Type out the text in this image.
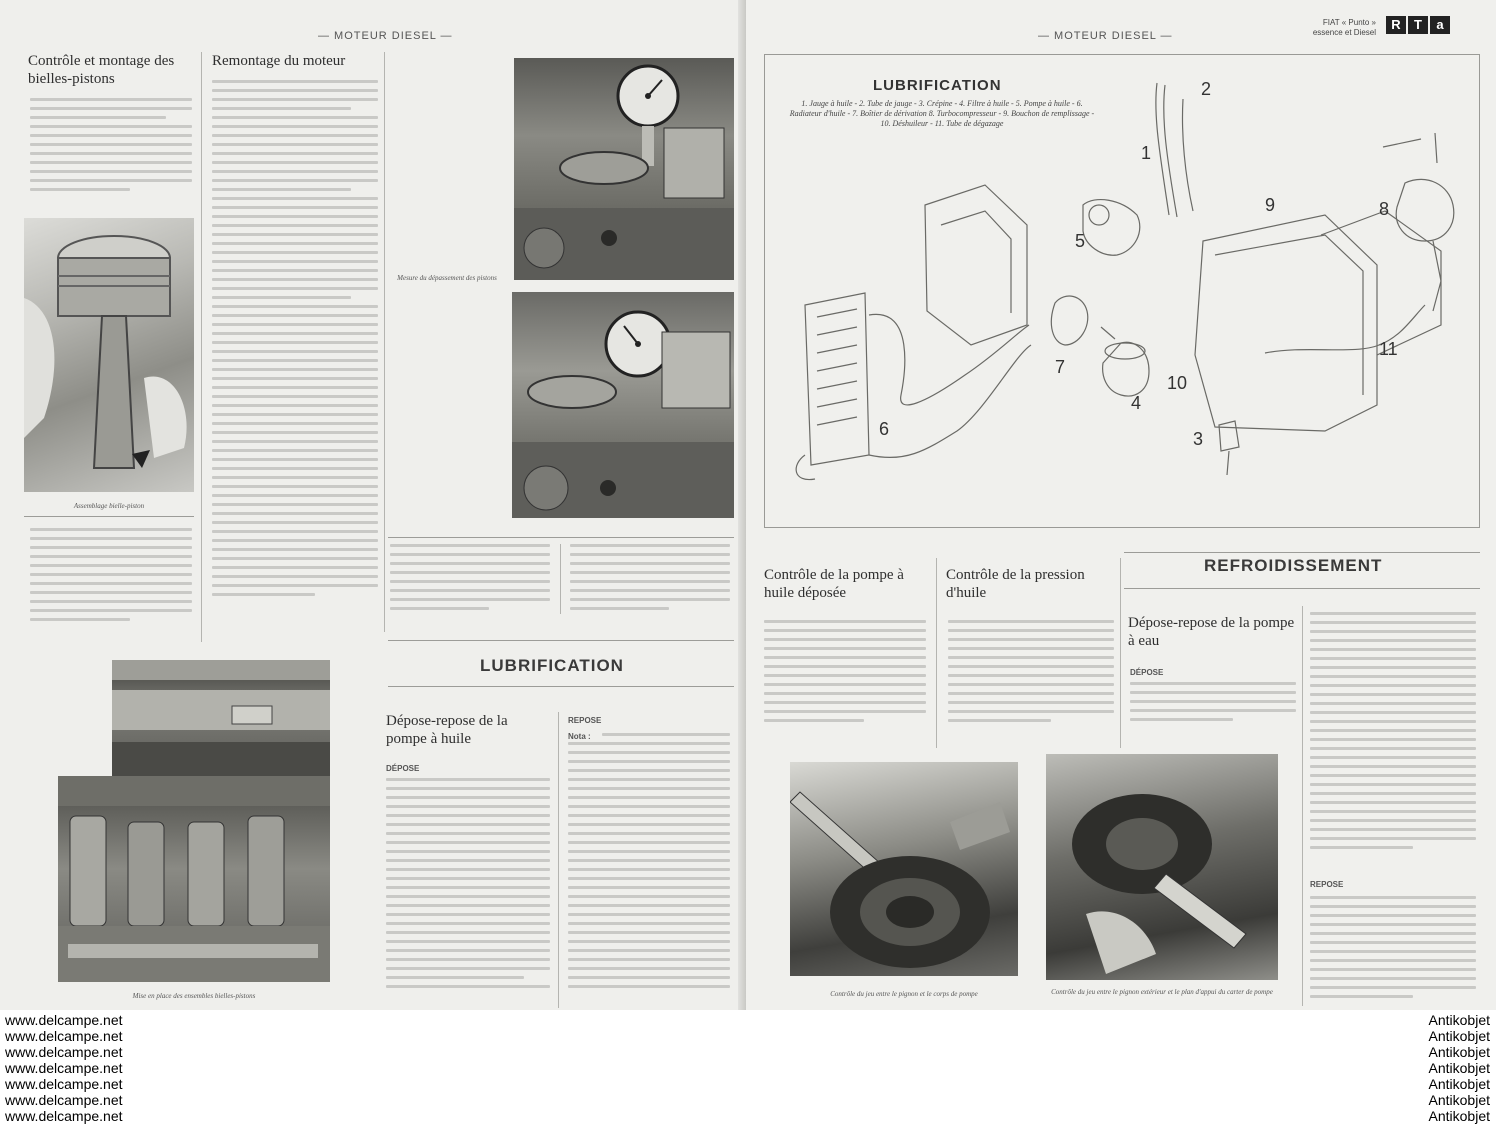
— MOTEUR DIESEL —
Contrôle et montage des bielles-pistons
Assemblage bielle-piston
Remontage du moteur
Mesure du dépassement des pistons
Mise en place des ensembles bielles-pistons
LUBRIFICATION
Dépose-repose de la pompe à huile
DÉPOSE
REPOSE
Nota :
— MOTEUR DIESEL —
FIAT « Punto »
essence et Diesel
R	T	a
LUBRIFICATION
1. Jauge à huile - 2. Tube de jauge - 3. Crépine - 4. Filtre à huile - 5. Pompe à huile - 6. Radiateur d'huile - 7. Boîtier de dérivation 8. Turbocompresseur - 9. Bouchon de remplissage - 10. Déshuileur - 11. Tube de dégazage
1
2
3
4
5
6
7
8
9
10
11
Contrôle de la pompe à huile déposée
Contrôle de la pression d'huile
REFROIDISSEMENT
Dépose-repose de la pompe à eau
DÉPOSE
REPOSE
Contrôle du jeu entre le pignon et le corps de pompe	Contrôle du jeu entre le pignon extérieur et le plan d'appui du carter de pompe
www.delcampe.net
www.delcampe.net
www.delcampe.net
www.delcampe.net
www.delcampe.net
www.delcampe.net
www.delcampe.net
Antikobjet
Antikobjet
Antikobjet
Antikobjet
Antikobjet
Antikobjet
Antikobjet
